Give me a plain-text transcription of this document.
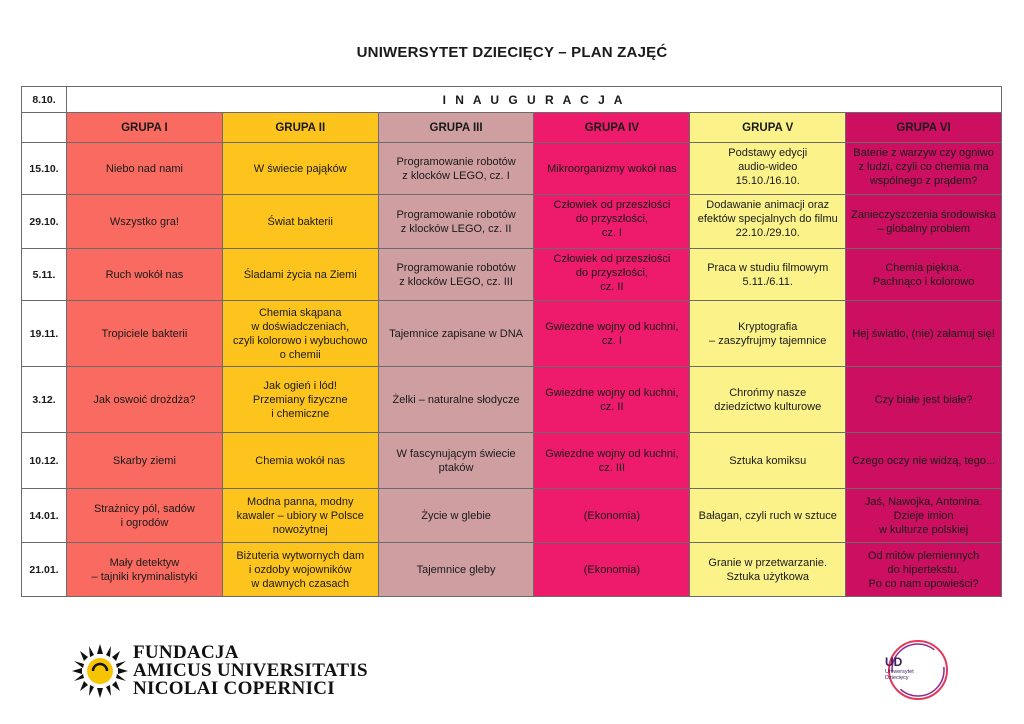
UNIWERSYTET DZIECIĘCY – PLAN ZAJĘĆ
8.10.	I N A U G U R A C J A					
	GRUPA I	GRUPA II	GRUPA III	GRUPA IV	GRUPA V	GRUPA VI
15.10.	Niebo nad nami	W świecie pająków	Programowanie robotów
z klocków LEGO, cz. I	Mikroorganizmy wokół nas	Podstawy edycji
audio-wideo
15.10./16.10.	Baterie z warzyw czy ogniwo
z ludzi, czyli co chemia ma
wspólnego z prądem?
29.10.	Wszystko gra!	Świat bakterii	Programowanie robotów
z klocków LEGO, cz. II	Człowiek od przeszłości
do przyszłości,
cz. I	Dodawanie animacji oraz
efektów specjalnych do filmu
22.10./29.10.	Zanieczyszczenia środowiska
– globalny problem
5.11.	Ruch wokół nas	Śladami życia na Ziemi	Programowanie robotów
z klocków LEGO, cz. III	Człowiek od przeszłości
do przyszłości,
cz. II	Praca w studiu filmowym
5.11./6.11.	Chemia piękna.
Pachnąco i kolorowo
19.11.	Tropiciele bakterii	Chemia skąpana
w doświadczeniach,
czyli kolorowo i wybuchowo
o chemii	Tajemnice zapisane w DNA	Gwiezdne wojny od kuchni,
cz. I	Kryptografia
– zaszyfrujmy tajemnice	Hej światło, (nie) załamuj się!
3.12.	Jak oswoić drożdża?	Jak ogień i lód!
Przemiany fizyczne
i chemiczne	Żelki – naturalne słodycze	Gwiezdne wojny od kuchni,
cz. II	Chrońmy nasze
dziedzictwo kulturowe	Czy białe jest białe?
10.12.	Skarby ziemi	Chemia wokół nas	W fascynującym świecie
ptaków	Gwiezdne wojny od kuchni,
cz. III	Sztuka komiksu	Czego oczy nie widzą, tego...
14.01.	Strażnicy pól, sadów
i ogrodów	Modna panna, modny
kawaler – ubiory w Polsce
nowożytnej	Życie w glebie	(Ekonomia)	Bałagan, czyli ruch w sztuce	Jaś, Nawojka, Antonina.
Dzieje imion
w kulturze polskiej
21.01.	Mały detektyw
– tajniki kryminalistyki	Biżuteria wytwornych dam
i ozdoby wojowników
w dawnych czasach	Tajemnice gleby	(Ekonomia)	Granie w przetwarzanie.
Sztuka użytkowa	Od mitów plemiennych
do hipertekstu.
Po co nam opowieści?
FUNDACJA
AMICUS UNIVERSITATIS
NICOLAI COPERNICI
UD
Uniwersytet
Dziecięcy
